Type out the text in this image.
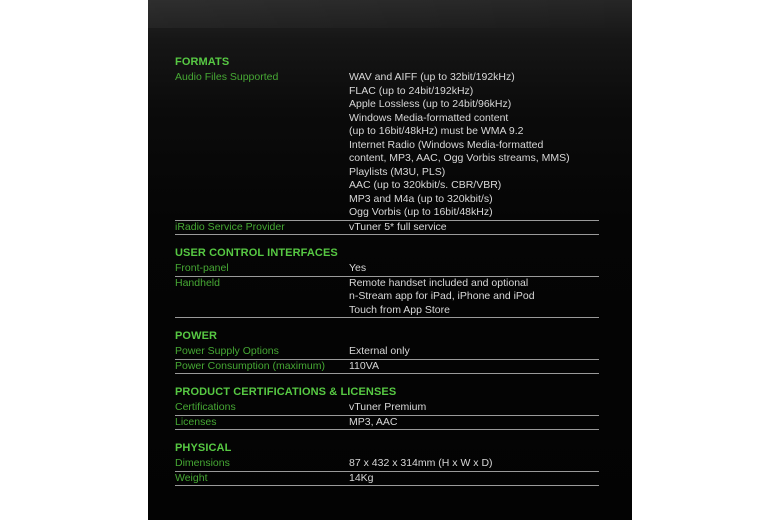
FORMATS
Audio Files Supported	WAV and AIFF (up to 32bit/192kHz)
FLAC (up to 24bit/192kHz)
Apple Lossless (up to 24bit/96kHz)
Windows Media-formatted content
(up to 16bit/48kHz) must be WMA 9.2
Internet Radio (Windows Media-formatted
content, MP3, AAC, Ogg Vorbis streams, MMS)
Playlists (M3U, PLS)
AAC (up to 320kbit/s. CBR/VBR)
MP3 and M4a (up to 320kbit/s)
Ogg Vorbis (up to 16bit/48kHz)
iRadio Service Provider	vTuner 5* full service
USER CONTROL INTERFACES
Front-panel	Yes
Handheld	Remote handset included and optional
n-Stream app for iPad, iPhone and iPod
Touch from App Store
POWER
Power Supply Options	External only
Power Consumption (maximum)	110VA
PRODUCT CERTIFICATIONS & LICENSES
Certifications	vTuner Premium
Licenses	MP3, AAC
PHYSICAL
Dimensions	87 x 432 x 314mm (H x W x D)
Weight	14Kg
